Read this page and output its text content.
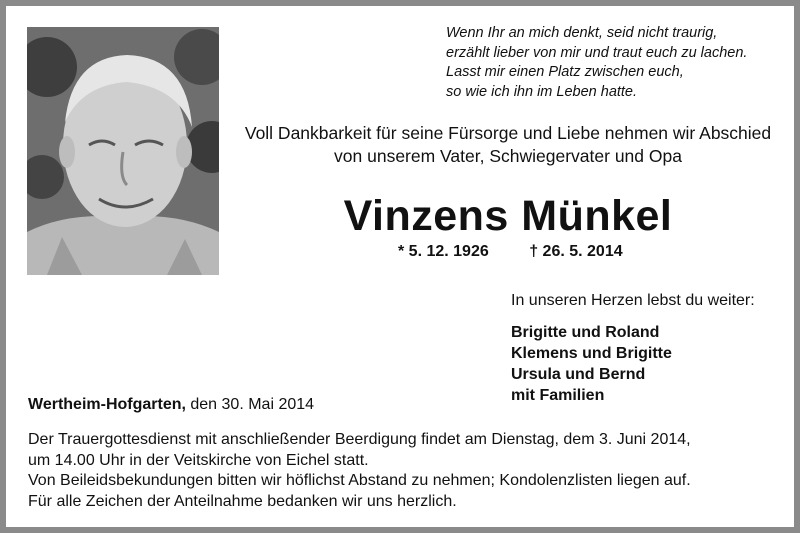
Wenn Ihr an mich denkt, seid nicht traurig,
erzählt lieber von mir und traut euch zu lachen.
Lasst mir einen Platz zwischen euch,
so wie ich ihn im Leben hatte.
Voll Dankbarkeit für seine Fürsorge und Liebe nehmen wir Abschied
von unserem Vater, Schwiegervater und Opa
Vinzens Münkel
* 5. 12. 1926	† 26. 5. 2014
In unseren Herzen lebst du weiter:
Brigitte und Roland
Klemens und Brigitte
Ursula und Bernd
mit Familien
Wertheim-Hofgarten, den 30. Mai 2014
Der Trauergottesdienst mit anschließender Beerdigung findet am Dienstag, dem 3. Juni 2014,
um 14.00 Uhr in der Veitskirche von Eichel statt.
Von Beileidsbekundungen bitten wir höflichst Abstand zu nehmen; Kondolenzlisten liegen auf.
Für alle Zeichen der Anteilnahme bedanken wir uns herzlich.
